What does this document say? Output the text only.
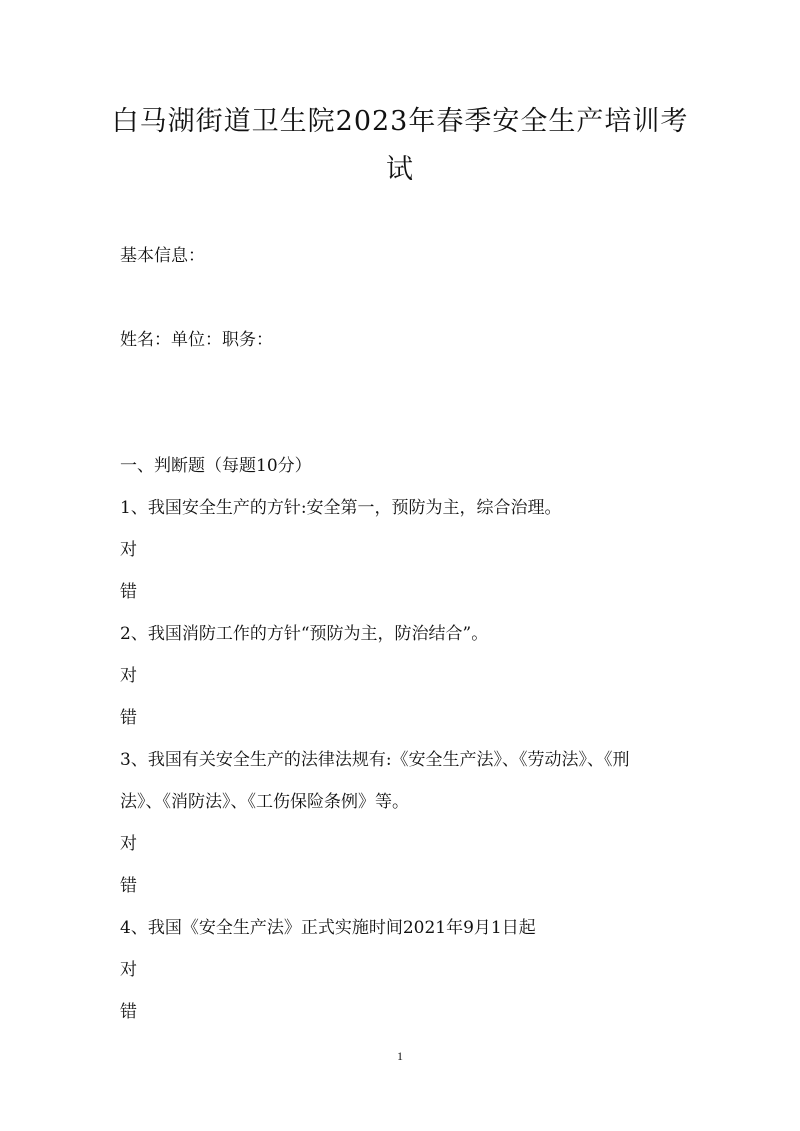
白马湖街道卫生院2023年春季安全生产培训考
试
基本信息：
姓名：单位：职务：
一、判断题（每题10分）
1、我国安全生产的方针:安全第一，预防为主，综合治理。
对
错
2、我国消防工作的方针“预防为主，防治结合”。
对
错
3、我国有关安全生产的法律法规有:《安全生产法》、《劳动法》、《刑
法》、《消防法》、《工伤保险条例》等。
对
错
4、我国《安全生产法》正式实施时间2021年9月1日起
对
错
1
